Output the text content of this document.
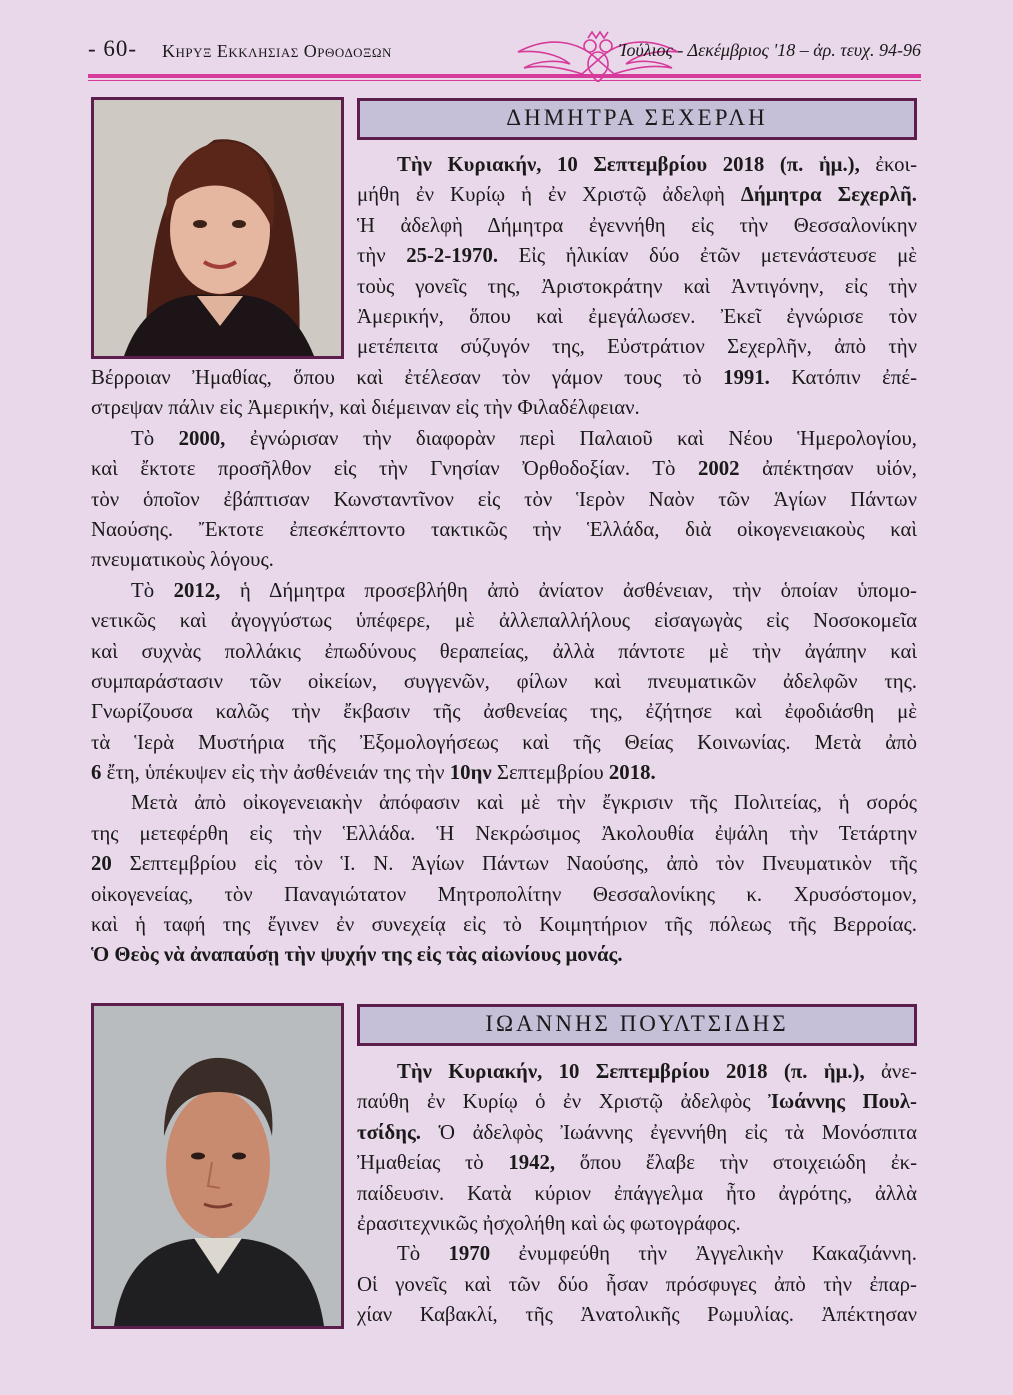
- 60- Κηρυξ Εκκλησιας Ορθοδοξων	Ἰούλιος - Δεκέμβριος '18 – ἀρ. τευχ. 94-96
ΔΗΜΗΤΡΑ ΣΕΧΕΡΛΗ
Τὴν Κυριακήν, 10 Σεπτεμβρίου 2018 (π. ἡμ.), ἐκοι-
μήθη ἐν Κυρίῳ ἡ ἐν Χριστῷ ἀδελφὴ Δήμητρα Σεχερλῆ.
Ἡ ἀδελφὴ Δήμητρα ἐγεννήθη εἰς τὴν Θεσσαλονίκην
τὴν 25-2-1970. Εἰς ἡλικίαν δύο ἐτῶν μετενάστευσε μὲ
τοὺς γονεῖς της, Ἀριστοκράτην καὶ Ἀντιγόνην, εἰς τὴν
Ἀμερικήν, ὅπου καὶ ἐμεγάλωσεν. Ἐκεῖ ἐγνώρισε τὸν
μετέπειτα σύζυγόν της, Εὐστράτιον Σεχερλῆν, ἀπὸ τὴν
Βέρροιαν Ἠμαθίας, ὅπου καὶ ἐτέλεσαν τὸν γάμον τους τὸ 1991. Κατόπιν ἐπέ-
στρεψαν πάλιν εἰς Ἀμερικήν, καὶ διέμειναν εἰς τὴν Φιλαδέλφειαν.
Τὸ 2000, ἐγνώρισαν τὴν διαφορὰν περὶ Παλαιοῦ καὶ Νέου Ἡμερολογίου,
καὶ ἔκτοτε προσῆλθον εἰς τὴν Γνησίαν Ὀρθοδοξίαν. Τὸ 2002 ἀπέκτησαν υἱόν,
τὸν ὁποῖον ἐβάπτισαν Κωνσταντῖνον εἰς τὸν Ἱερὸν Ναὸν τῶν Ἁγίων Πάντων
Ναούσης. Ἔκτοτε ἐπεσκέπτοντο τακτικῶς τὴν Ἑλλάδα, διὰ οἰκογενειακοὺς καὶ
πνευματικοὺς λόγους.
Τὸ 2012, ἡ Δήμητρα προσεβλήθη ἀπὸ ἀνίατον ἀσθένειαν, τὴν ὁποίαν ὑπομο-
νετικῶς καὶ ἀγογγύστως ὑπέφερε, μὲ ἀλλεπαλλήλους εἰσαγωγὰς εἰς Νοσοκομεῖα
καὶ συχνὰς πολλάκις ἐπωδύνους θεραπείας, ἀλλὰ πάντοτε μὲ τὴν ἀγάπην καὶ
συμπαράστασιν τῶν οἰκείων, συγγενῶν, φίλων καὶ πνευματικῶν ἀδελφῶν της.
Γνωρίζουσα καλῶς τὴν ἔκβασιν τῆς ἀσθενείας της, ἐζήτησε καὶ ἐφοδιάσθη μὲ
τὰ Ἱερὰ Μυστήρια τῆς Ἐξομολογήσεως καὶ τῆς Θείας Κοινωνίας. Μετὰ ἀπὸ
6 ἔτη, ὑπέκυψεν εἰς τὴν ἀσθένειάν της τὴν 10ην Σεπτεμβρίου 2018.
Μετὰ ἀπὸ οἰκογενειακὴν ἀπόφασιν καὶ μὲ τὴν ἔγκρισιν τῆς Πολιτείας, ἡ σορός
της μετεφέρθη εἰς τὴν Ἑλλάδα. Ἡ Νεκρώσιμος Ἀκολουθία ἐψάλη τὴν Τετάρτην
20 Σεπτεμβρίου εἰς τὸν Ἱ. Ν. Ἁγίων Πάντων Ναούσης, ἀπὸ τὸν Πνευματικὸν τῆς
οἰκογενείας, τὸν Παναγιώτατον Μητροπολίτην Θεσσαλονίκης κ. Χρυσόστομον,
καὶ ἡ ταφή της ἔγινεν ἐν συνεχείᾳ εἰς τὸ Κοιμητήριον τῆς πόλεως τῆς Βερροίας.
Ὁ Θεὸς νὰ ἀναπαύσῃ τὴν ψυχήν της εἰς τὰς αἰωνίους μονάς.
ΙΩΑΝΝΗΣ ΠΟΥΛΤΣΙΔΗΣ
Τὴν Κυριακήν, 10 Σεπτεμβρίου 2018 (π. ἡμ.), ἀνε-
παύθη ἐν Κυρίῳ ὁ ἐν Χριστῷ ἀδελφὸς Ἰωάννης Πουλ-
τσίδης. Ὁ ἀδελφὸς Ἰωάννης ἐγεννήθη εἰς τὰ Μονόσπιτα
Ἠμαθείας τὸ 1942, ὅπου ἔλαβε τὴν στοιχειώδη ἐκ-
παίδευσιν. Κατὰ κύριον ἐπάγγελμα ἦτο ἀγρότης, ἀλλὰ
ἐρασιτεχνικῶς ἠσχολήθη καὶ ὡς φωτογράφος.
Τὸ 1970 ἐνυμφεύθη τὴν Ἀγγελικὴν Κακαζιάννη.
Οἱ γονεῖς καὶ τῶν δύο ἦσαν πρόσφυγες ἀπὸ τὴν ἐπαρ-
χίαν Καβακλί, τῆς Ἀνατολικῆς Ρωμυλίας. Ἀπέκτησαν
